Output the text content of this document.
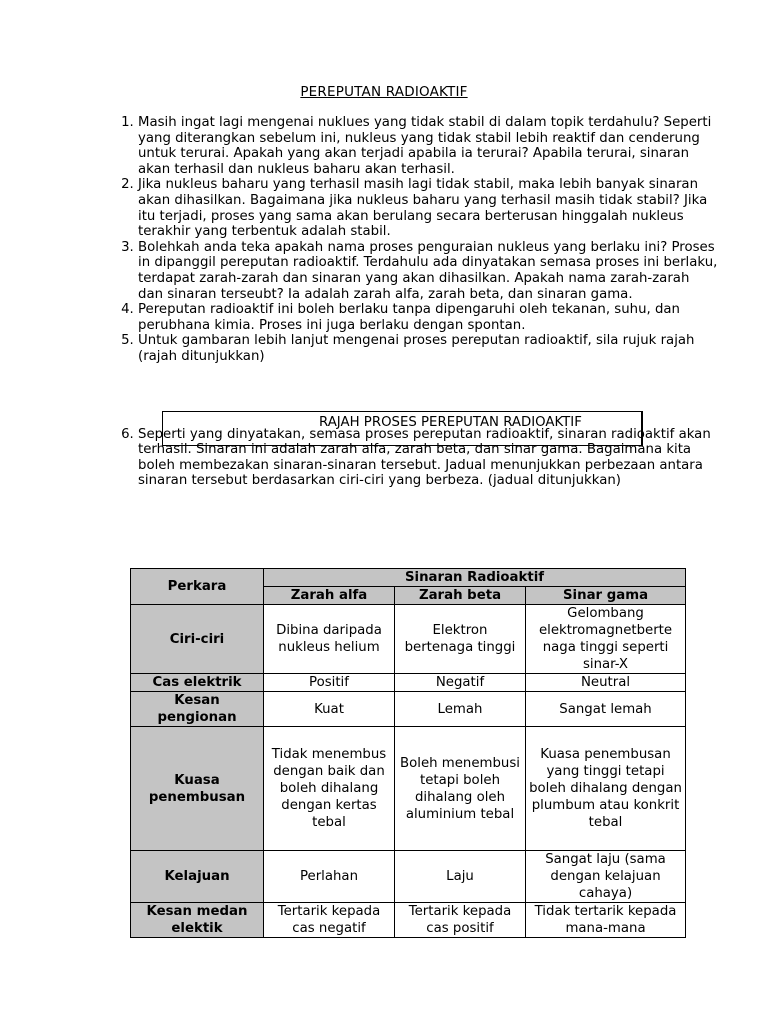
PEREPUTAN RADIOAKTIF
1. Masih ingat lagi mengenai nuklues yang tidak stabil di dalam topik terdahulu? Seperti yang diterangkan sebelum ini, nukleus yang tidak stabil lebih reaktif dan cenderung untuk terurai. Apakah yang akan terjadi apabila ia terurai? Apabila terurai, sinaran akan terhasil dan nukleus baharu akan terhasil.
2. Jika nukleus baharu yang terhasil masih lagi tidak stabil, maka lebih banyak sinaran akan dihasilkan. Bagaimana jika nukleus baharu yang terhasil masih tidak stabil? Jika itu terjadi, proses yang sama akan berulang secara berterusan hinggalah nukleus terakhir yang terbentuk adalah stabil.
3. Bolehkah anda teka apakah nama proses penguraian nukleus yang berlaku ini? Proses in dipanggil pereputan radioaktif. Terdahulu ada dinyatakan semasa proses ini berlaku, terdapat zarah-zarah dan sinaran yang akan dihasilkan. Apakah nama zarah-zarah dan sinaran terseubt? Ia adalah zarah alfa, zarah beta, dan sinaran gama.
4. Pereputan radioaktif ini boleh berlaku tanpa dipengaruhi oleh tekanan, suhu, dan perubhana kimia. Proses ini juga berlaku dengan spontan.
5. Untuk gambaran lebih lanjut mengenai proses pereputan radioaktif, sila rujuk rajah (rajah ditunjukkan)
6. Seperti yang dinyatakan, semasa proses pereputan radioaktif, sinaran radioaktif akan terhasil. Sinaran ini adalah zarah alfa, zarah beta, dan sinar gama. Bagaimana kita boleh membezakan sinaran-sinaran tersebut. Jadual menunjukkan perbezaan antara sinaran tersebut berdasarkan ciri-ciri yang berbeza. (jadual ditunjukkan)
RAJAH PROSES PEREPUTAN RADIOAKTIF
Perkara	Sinaran Radioaktif		
	Zarah alfa	Zarah beta	Sinar gama
Ciri-ciri	Dibina daripada nukleus helium	Elektron bertenaga tinggi	Gelombang elektromagnetberte naga tinggi seperti sinar-X
Cas elektrik	Positif	Negatif	Neutral
Kesan pengionan	Kuat	Lemah	Sangat lemah
Kuasa penembusan	Tidak menembus dengan baik dan boleh dihalang dengan kertas tebal	Boleh menembusi tetapi boleh dihalang oleh aluminium tebal	Kuasa penembusan yang tinggi tetapi boleh dihalang dengan plumbum atau konkrit tebal
Kelajuan	Perlahan	Laju	Sangat laju (sama dengan kelajuan cahaya)
Kesan medan elektik	Tertarik kepada cas negatif	Tertarik kepada cas positif	Tidak tertarik kepada mana-mana
